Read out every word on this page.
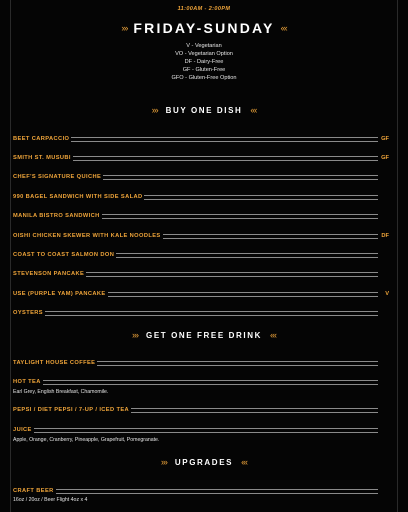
11:00AM - 2:00PM
››› FRIDAY-SUNDAY ‹‹‹
V - Vegetarian
VO - Vegetarian Option
DF - Dairy-Free
GF - Gluten-Free
GFO - Gluten-Free Option
››› BUY ONE DISH ‹‹‹
BEET CARPACCIO	GF
SMITH ST. MUSUBI	GF
CHEF'S SIGNATURE QUICHE
990 BAGEL SANDWICH WITH SIDE SALAD
MANILA BISTRO SANDWICH
OISHI CHICKEN SKEWER WITH KALE NOODLES	DF
COAST TO COAST SALMON DON
STEVENSON PANCAKE
USE (PURPLE YAM) PANCAKE	V
OYSTERS
››› GET ONE FREE DRINK ‹‹‹
TAYLIGHT HOUSE COFFEE
HOT TEA
Earl Grey, English Breakfast, Chamomile.
PEPSI / DIET PEPSI / 7-UP / ICED TEA
JUICE
Apple, Orange, Cranberry, Pineapple, Grapefruit, Pomegranate.
››› UPGRADES ‹‹‹
CRAFT BEER
16oz / 20oz / Beer Flight 4oz x 4
